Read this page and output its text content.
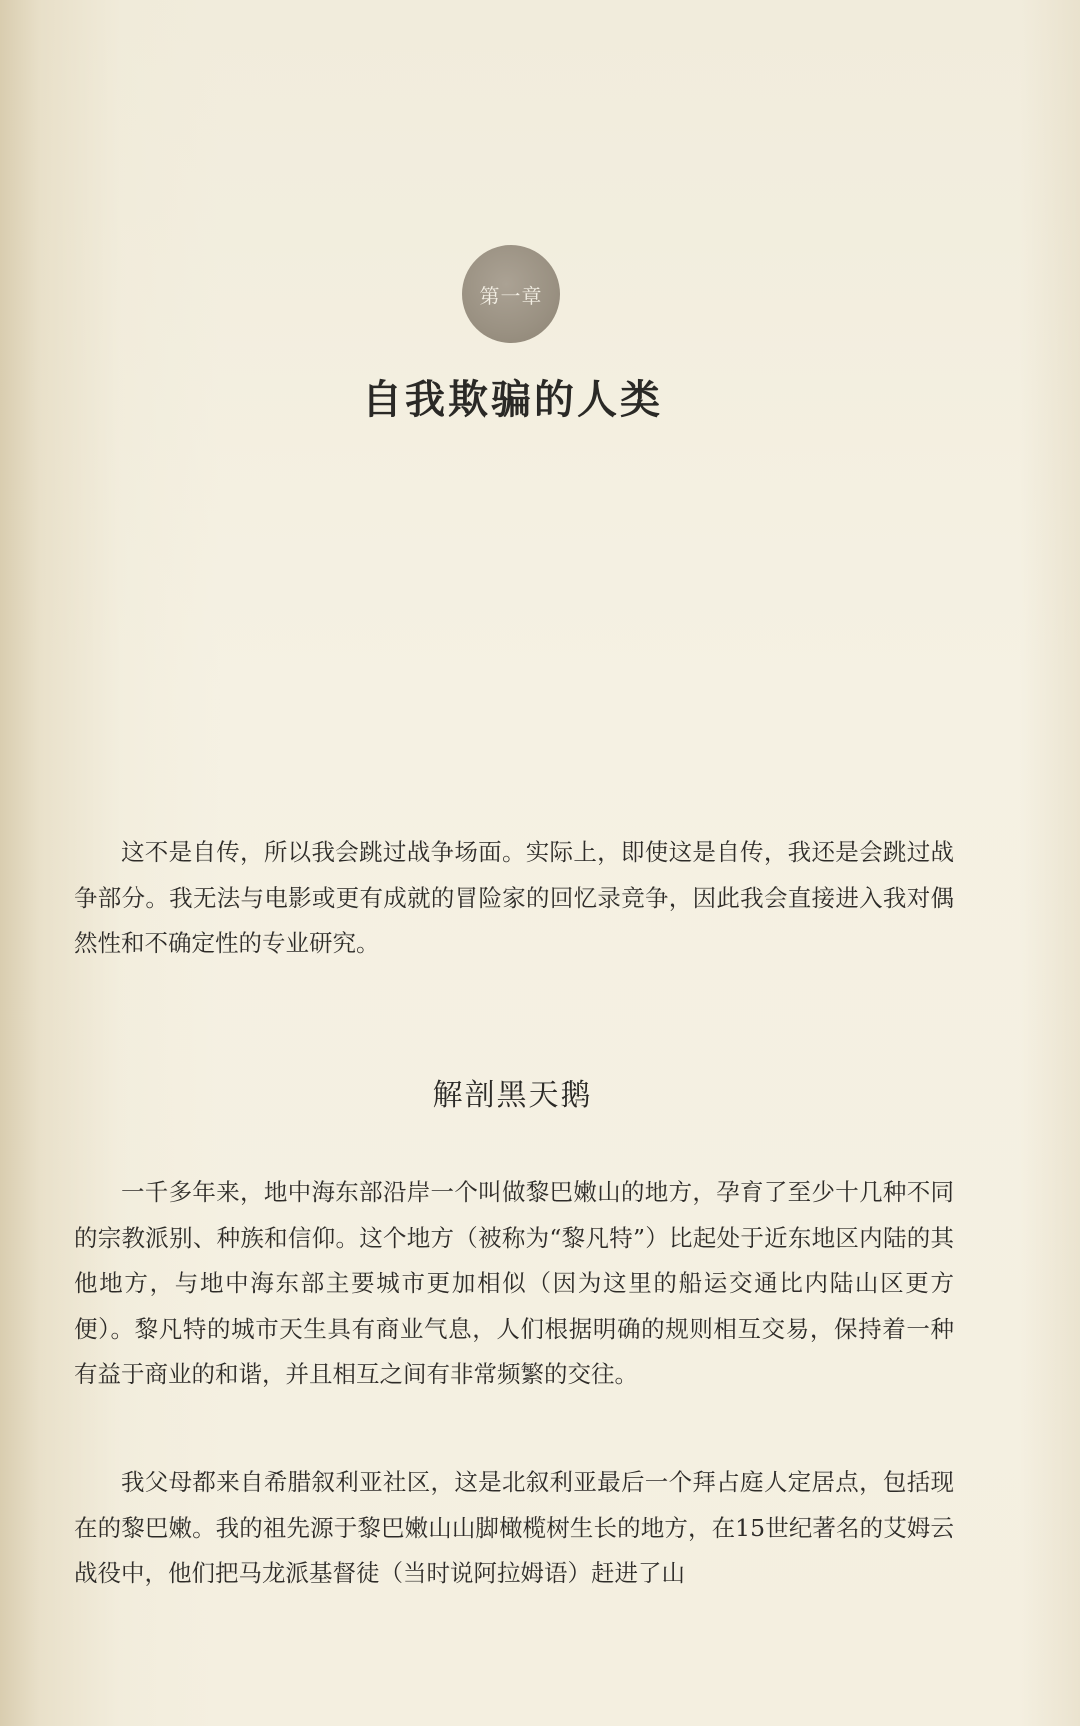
第一章
自我欺骗的人类

这不是自传，所以我会跳过战争场面。实际上，即使这是自传，我还是会跳过战争部分。我无法与电影或更有成就的冒险家的回忆录竞争，因此我会直接进入我对偶然性和不确定性的专业研究。

解剖黑天鹅

一千多年来，地中海东部沿岸一个叫做黎巴嫩山的地方，孕育了至少十几种不同的宗教派别、种族和信仰。这个地方（被称为“黎凡特”）比起处于近东地区内陆的其他地方，与地中海东部主要城市更加相似（因为这里的船运交通比内陆山区更方便）。黎凡特的城市天生具有商业气息，人们根据明确的规则相互交易，保持着一种有益于商业的和谐，并且相互之间有非常频繁的交往。

我父母都来自希腊叙利亚社区，这是北叙利亚最后一个拜占庭人定居点，包括现在的黎巴嫩。我的祖先源于黎巴嫩山山脚橄榄树生长的地方，在15世纪著名的艾姆云战役中，他们把马龙派基督徒（当时说阿拉姆语）赶进了山
